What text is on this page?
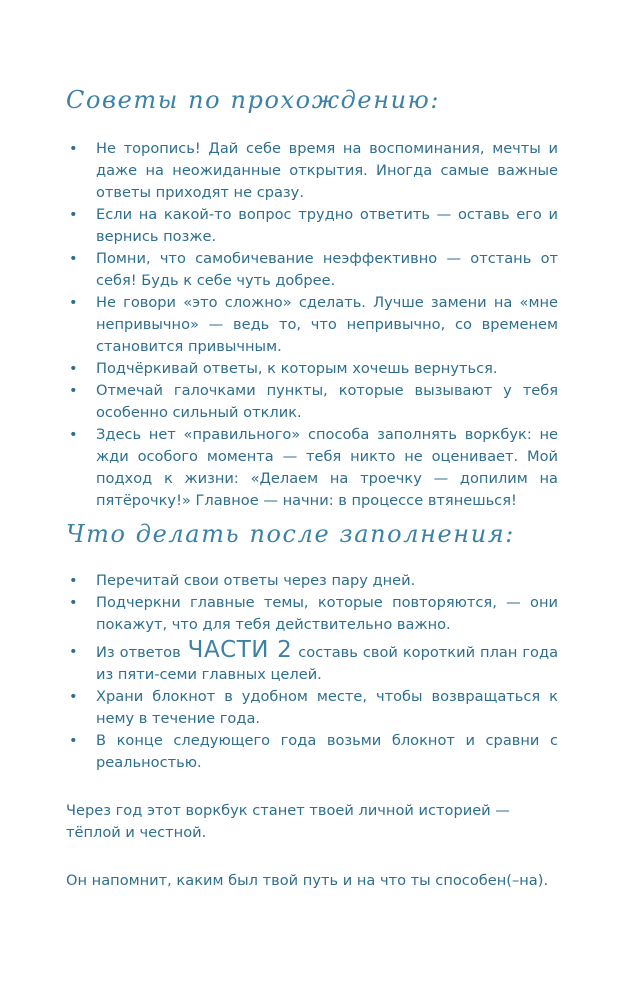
Советы по прохождению:
• Не торопись! Дай себе время на воспоминания, мечты и даже на неожиданные открытия. Иногда самые важные ответы приходят не сразу.
• Если на какой-то вопрос трудно ответить — оставь его и вернись позже.
• Помни, что самобичевание неэффективно — отстань от себя! Будь к себе чуть добрее.
• Не говори «это сложно» сделать. Лучше замени на «мне непривычно» — ведь то, что непривычно, со временем становится привычным.
• Подчёркивай ответы, к которым хочешь вернуться.
• Отмечай галочками пункты, которые вызывают у тебя особенно сильный отклик.
• Здесь нет «правильного» способа заполнять воркбук: не жди особого момента — тебя никто не оценивает. Мой подход к жизни: «Делаем на троечку — допилим на пятёрочку!» Главное — начни: в процессе втянешься!
Что делать после заполнения:
• Перечитай свои ответы через пару дней.
• Подчеркни главные темы, которые повторяются, — они покажут, что для тебя действительно важно.
• Из ответов ЧАСТИ 2 составь свой короткий план года из пяти-семи главных целей.
• Храни блокнот в удобном месте, чтобы возвращаться к нему в течение года.
• В конце следующего года возьми блокнот и сравни с реальностью.

Через год этот воркбук станет твоей личной историей — тёплой и честной.

Он напомнит, каким был твой путь и на что ты способен(–на).
